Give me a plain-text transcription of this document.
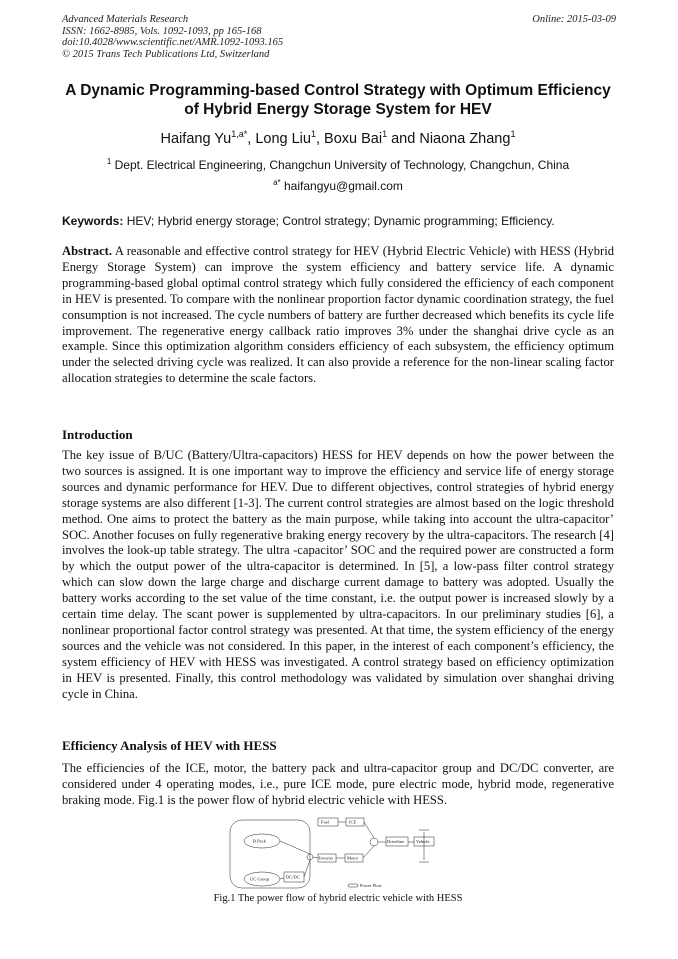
Advanced Materials Research
ISSN: 1662-8985, Vols. 1092-1093, pp 165-168
doi:10.4028/www.scientific.net/AMR.1092-1093.165
© 2015 Trans Tech Publications Ltd, Switzerland
Online: 2015-03-09
A Dynamic Programming-based Control Strategy with Optimum Efficiency of Hybrid Energy Storage System for HEV
Haifang $Yu^{1,a*}$, Long Liu$^1$, Boxu Bai$^1$ and Niaona Zhang$^1$
$^1$ Dept. Electrical Engineering, Changchun University of Technology, Changchun, China
$^{a*}$ haifangyu@gmail.com
Keywords: HEV; Hybrid energy storage; Control strategy; Dynamic programming; Efficiency.

Abstract. A reasonable and effective control strategy for HEV (Hybrid Electric Vehicle) with HESS (Hybrid Energy Storage System) can improve the system efficiency and battery service life. A dynamic programming-based global optimal control strategy which fully considered the efficiency of each component in HEV is presented. To compare with the nonlinear proportion factor dynamic coordination strategy, the fuel consumption is not increased. The cycle numbers of battery are further decreased which benefits its cycle life improvement. The regenerative energy callback ratio improves 3% under the shanghai drive cycle as an example. Since this optimization algorithm considers efficiency of each subsystem, the efficiency optimum under the selected driving cycle was realized. It can also provide a reference for the non-linear scaling factor allocation strategies to determine the scale factors.

Introduction

The key issue of B/UC (Battery/Ultra-capacitors) HESS for HEV depends on how the power between the two sources is assigned. It is one important way to improve the efficiency and service life of energy storage sources and dynamic performance for HEV. Due to different objectives, control strategies of hybrid energy storage systems are also different [1-3]. The current control strategies are almost based on the logic threshold method. One aims to protect the battery as the main purpose, while taking into account the ultra-capacitor’ SOC. Another focuses on fully regenerative braking energy recovery by the ultra-capacitors. The research [4] involves the look-up table strategy. The ultra -capacitor’ SOC and the required power are constructed a form by which the output power of the ultra-capacitor is determined. In [5], a low-pass filter control strategy which can slow down the large charge and discharge current damage to battery was adopted. Usually the battery works according to the set value of the time constant, i.e. the output power is increased slowly by a certain time delay. The scant power is supplemented by ultra-capacitors. In our preliminary studies [6], a nonlinear proportional factor control strategy was presented. At that time, the system efficiency of the energy sources and the vehicle was not considered. In this paper, in the interest of each component’s efficiency, the system efficiency of HEV with HESS was investigated. A control strategy based on efficiency optimization in HEV is presented. Finally, this control methodology was validated by simulation over shanghai driving cycle in China.

Efficiency Analysis of HEV with HESS

The efficiencies of the ICE, motor, the battery pack and ultra-capacitor group and DC/DC converter, are considered under 4 operating modes, i.e., pure ICE mode, pure electric mode, hybrid mode, regenerative braking mode. Fig.1 is the power flow of hybrid electric vehicle with HESS.

Fuel	ICE
B Pack
UC Group	DC/DC
Inverter	Motor
Driveline	Vehicle
Power Flow
Fig.1 The power flow of hybrid electric vehicle with HESS
